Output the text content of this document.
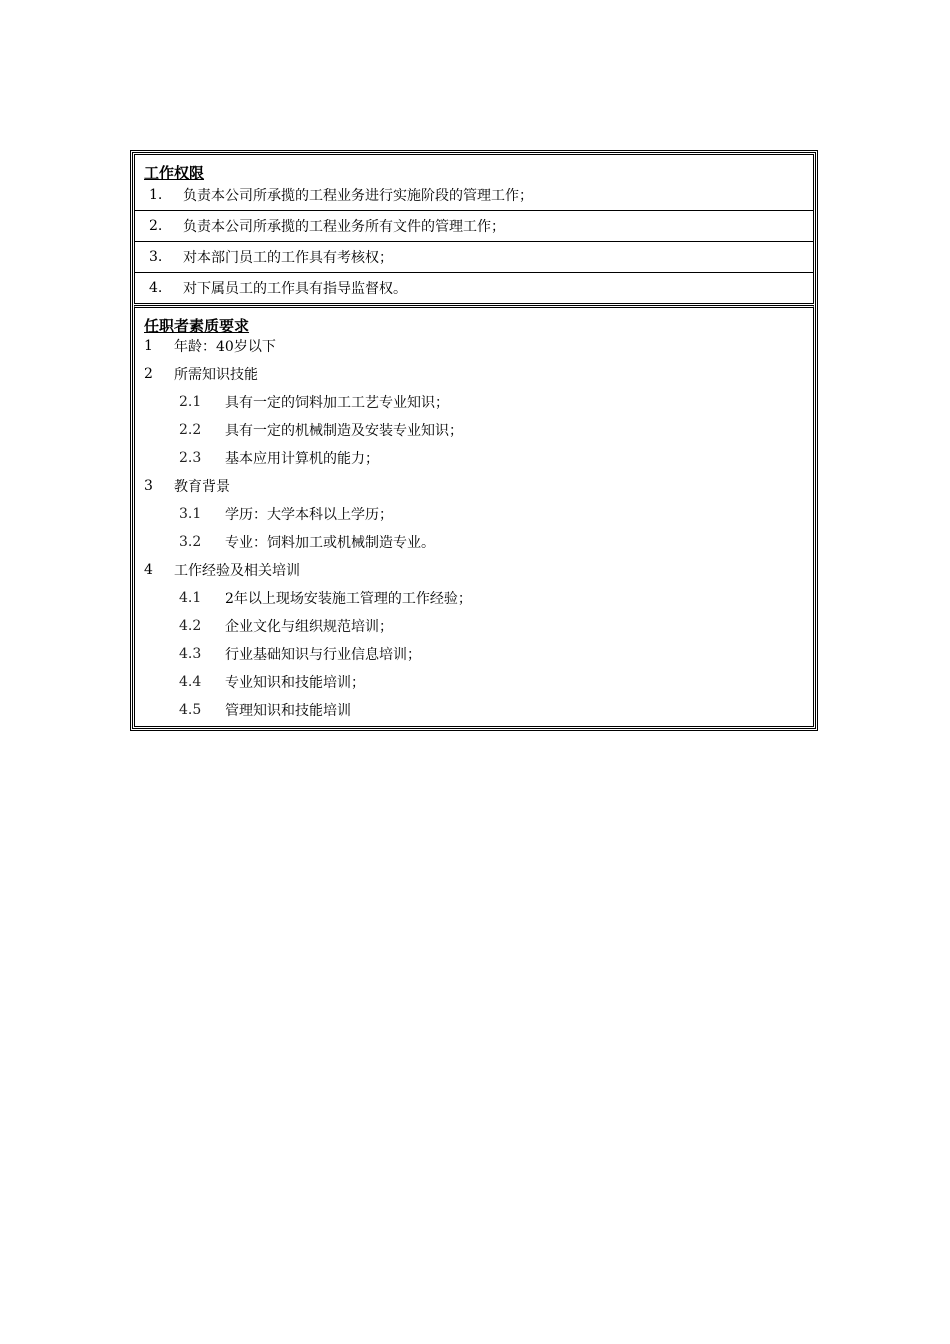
工作权限
1.	负责本公司所承揽的工程业务进行实施阶段的管理工作；
2.	负责本公司所承揽的工程业务所有文件的管理工作；
3.	对本部门员工的工作具有考核权；
4.	对下属员工的工作具有指导监督权。
任职者素质要求
1	年龄：40岁以下
2	所需知识技能
2.1	具有一定的饲料加工工艺专业知识；
2.2	具有一定的机械制造及安装专业知识；
2.3	基本应用计算机的能力；
3	教育背景
3.1	学历：大学本科以上学历；
3.2	专业：饲料加工或机械制造专业。
4	工作经验及相关培训
4.1	2年以上现场安装施工管理的工作经验；
4.2	企业文化与组织规范培训；
4.3	行业基础知识与行业信息培训；
4.4	专业知识和技能培训；
4.5	管理知识和技能培训
